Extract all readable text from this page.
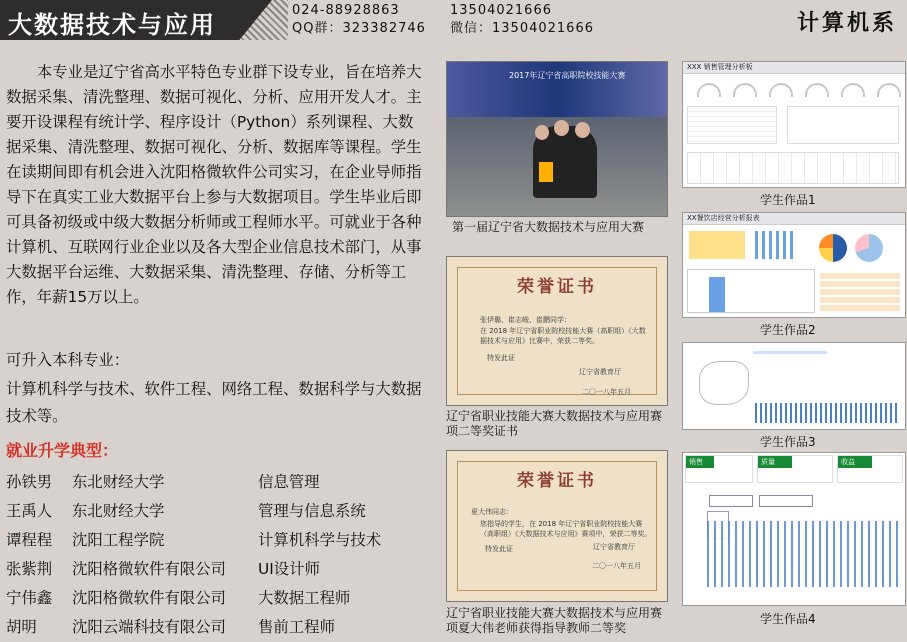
大数据技术与应用
024-88928863
QQ群：323382746
13504021666
微信：13504021666	计算机系

本专业是辽宁省高水平特色专业群下设专业，旨在培养大数据采集、清洗整理、数据可视化、分析、应用开发人才。主要开设课程有统计学、程序设计（Python）系列课程、大数据采集、清洗整理、数据可视化、分析、数据库等课程。学生在读期间即有机会进入沈阳格微软件公司实习，在企业导师指导下在真实工业大数据平台上参与大数据项目。学生毕业后即可具备初级或中级大数据分析师或工程师水平。可就业于各种计算机、互联网行业企业以及各大型企业信息技术部门，从事大数据平台运维、大数据采集、清洗整理、存储、分析等工作，年薪15万以上。

可升入本科专业：
计算机科学与技术、软件工程、网络工程、数据科学与大数据技术等。
就业升学典型：
孙铁男 东北财经大学	信息管理
王禹人 东北财经大学	管理与信息系统
谭程程 沈阳工程学院	计算机科学与技术
张紫荆 沈阳格微软件有限公司 UI设计师
宁伟鑫 沈阳格微软件有限公司 大数据工程师
胡明 沈阳云端科技有限公司 售前工程师
2017年辽宁省高职院校技能大赛
第一届辽宁省大数据技术与应用大赛
荣誉证书
张伊璐、崔志峻、崔鹏同学：
在 2018 年辽宁省职业院校技能大赛（高职组）《大数据技术与应用》比赛中，荣获二等奖。
特发此证
辽宁省教育厅
二〇一八年五月
辽宁省职业技能大赛大数据技术与应用赛项二等奖证书
荣誉证书
夏大伟同志：
您指导的学生，在 2018 年辽宁省职业院校技能大赛（高职组）《大数据技术与应用》赛项中，荣获二等奖。
特发此证	辽宁省教育厅
二〇一八年五月
辽宁省职业技能大赛大数据技术与应用赛项夏大伟老师获得指导教师二等奖
XXX 销售管理分析板
学生作品1
XX餐饮店经营分析报表
学生作品2
学生作品3
销售	质量	收益
学生作品4
